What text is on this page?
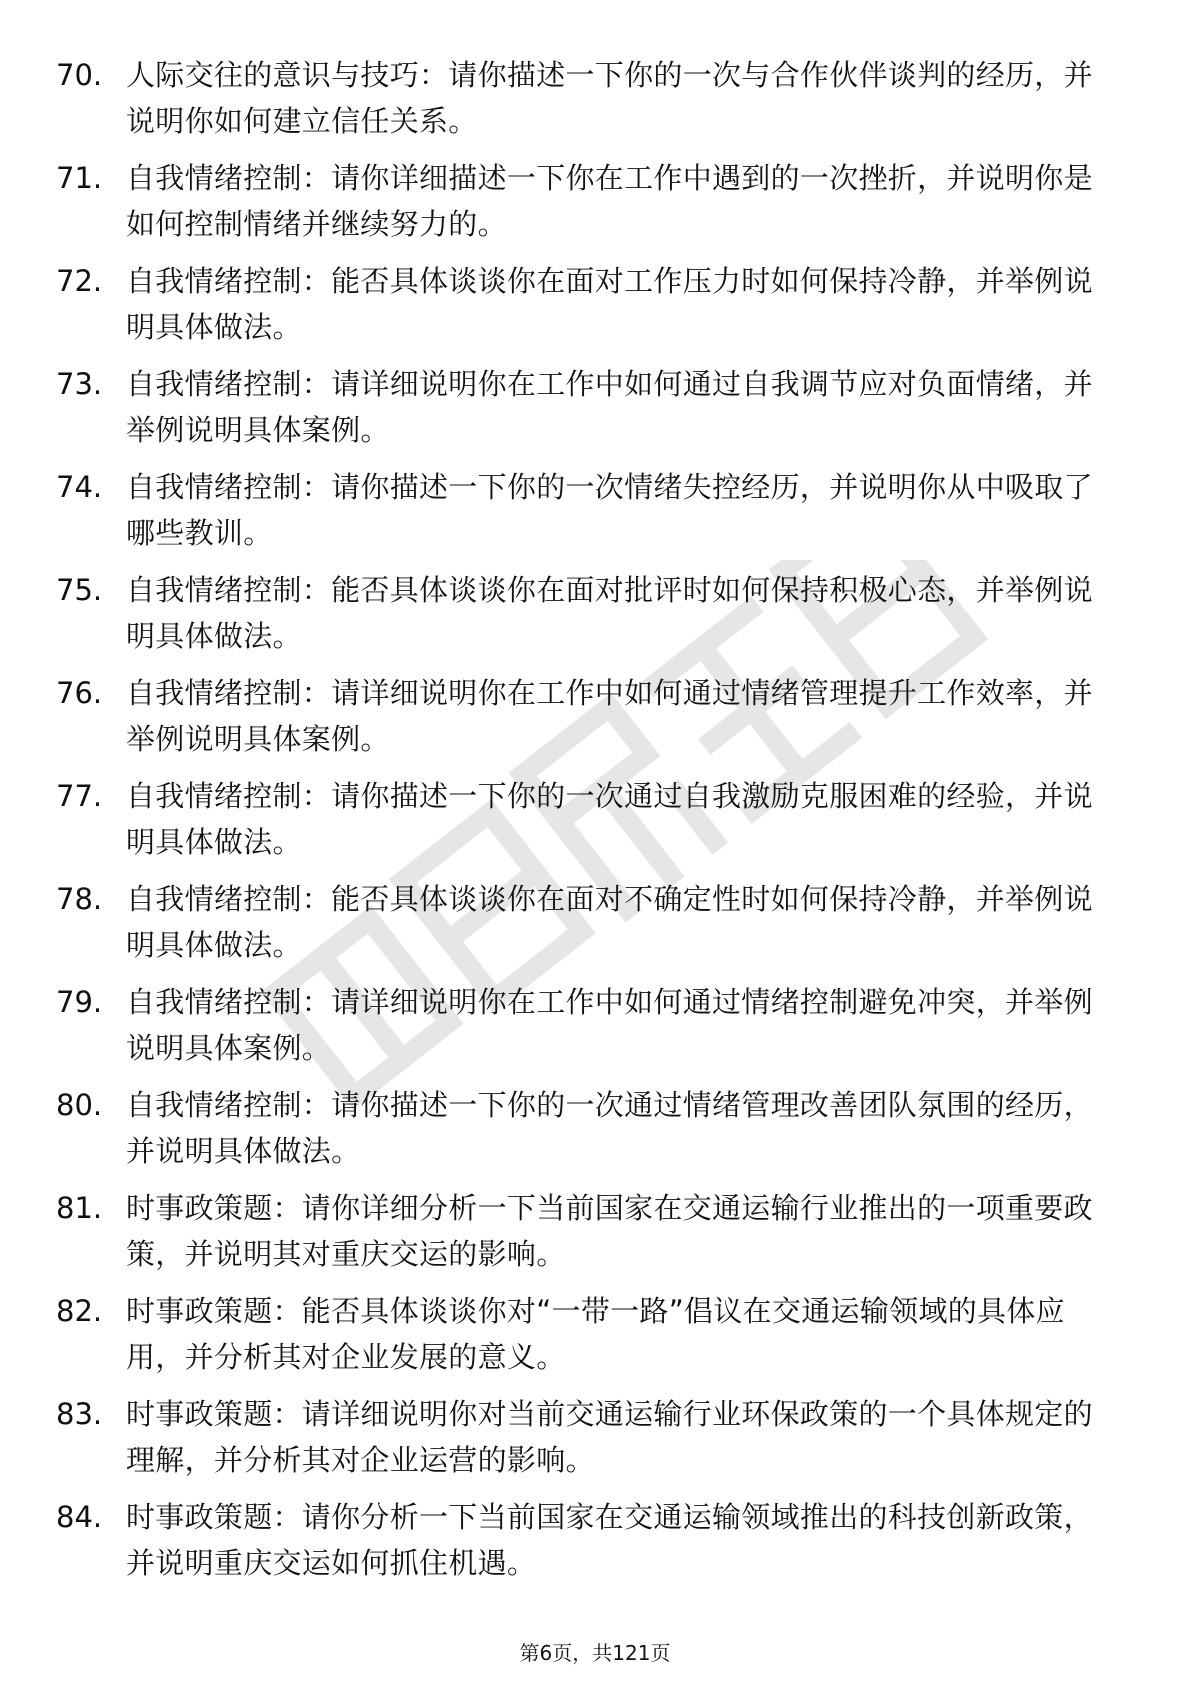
70. 人际交往的意识与技巧：请你描述一下你的一次与合作伙伴谈判的经历，并说明你如何建立信任关系。
71. 自我情绪控制：请你详细描述一下你在工作中遇到的一次挫折，并说明你是如何控制情绪并继续努力的。
72. 自我情绪控制：能否具体谈谈你在面对工作压力时如何保持冷静，并举例说明具体做法。
73. 自我情绪控制：请详细说明你在工作中如何通过自我调节应对负面情绪，并举例说明具体案例。
74. 自我情绪控制：请你描述一下你的一次情绪失控经历，并说明你从中吸取了哪些教训。
75. 自我情绪控制：能否具体谈谈你在面对批评时如何保持积极心态，并举例说明具体做法。
76. 自我情绪控制：请详细说明你在工作中如何通过情绪管理提升工作效率，并举例说明具体案例。
77. 自我情绪控制：请你描述一下你的一次通过自我激励克服困难的经验，并说明具体做法。
78. 自我情绪控制：能否具体谈谈你在面对不确定性时如何保持冷静，并举例说明具体做法。
79. 自我情绪控制：请详细说明你在工作中如何通过情绪控制避免冲突，并举例说明具体案例。
80. 自我情绪控制：请你描述一下你的一次通过情绪管理改善团队氛围的经历，并说明具体做法。
81. 时事政策题：请你详细分析一下当前国家在交通运输行业推出的一项重要政策，并说明其对重庆交运的影响。
82. 时事政策题：能否具体谈谈你对“一带一路”倡议在交通运输领域的具体应用，并分析其对企业发展的意义。
83. 时事政策题：请详细说明你对当前交通运输行业环保政策的一个具体规定的理解，并分析其对企业运营的影响。
84. 时事政策题：请你分析一下当前国家在交通运输领域推出的科技创新政策，并说明重庆交运如何抓住机遇。
第6页，共121页
